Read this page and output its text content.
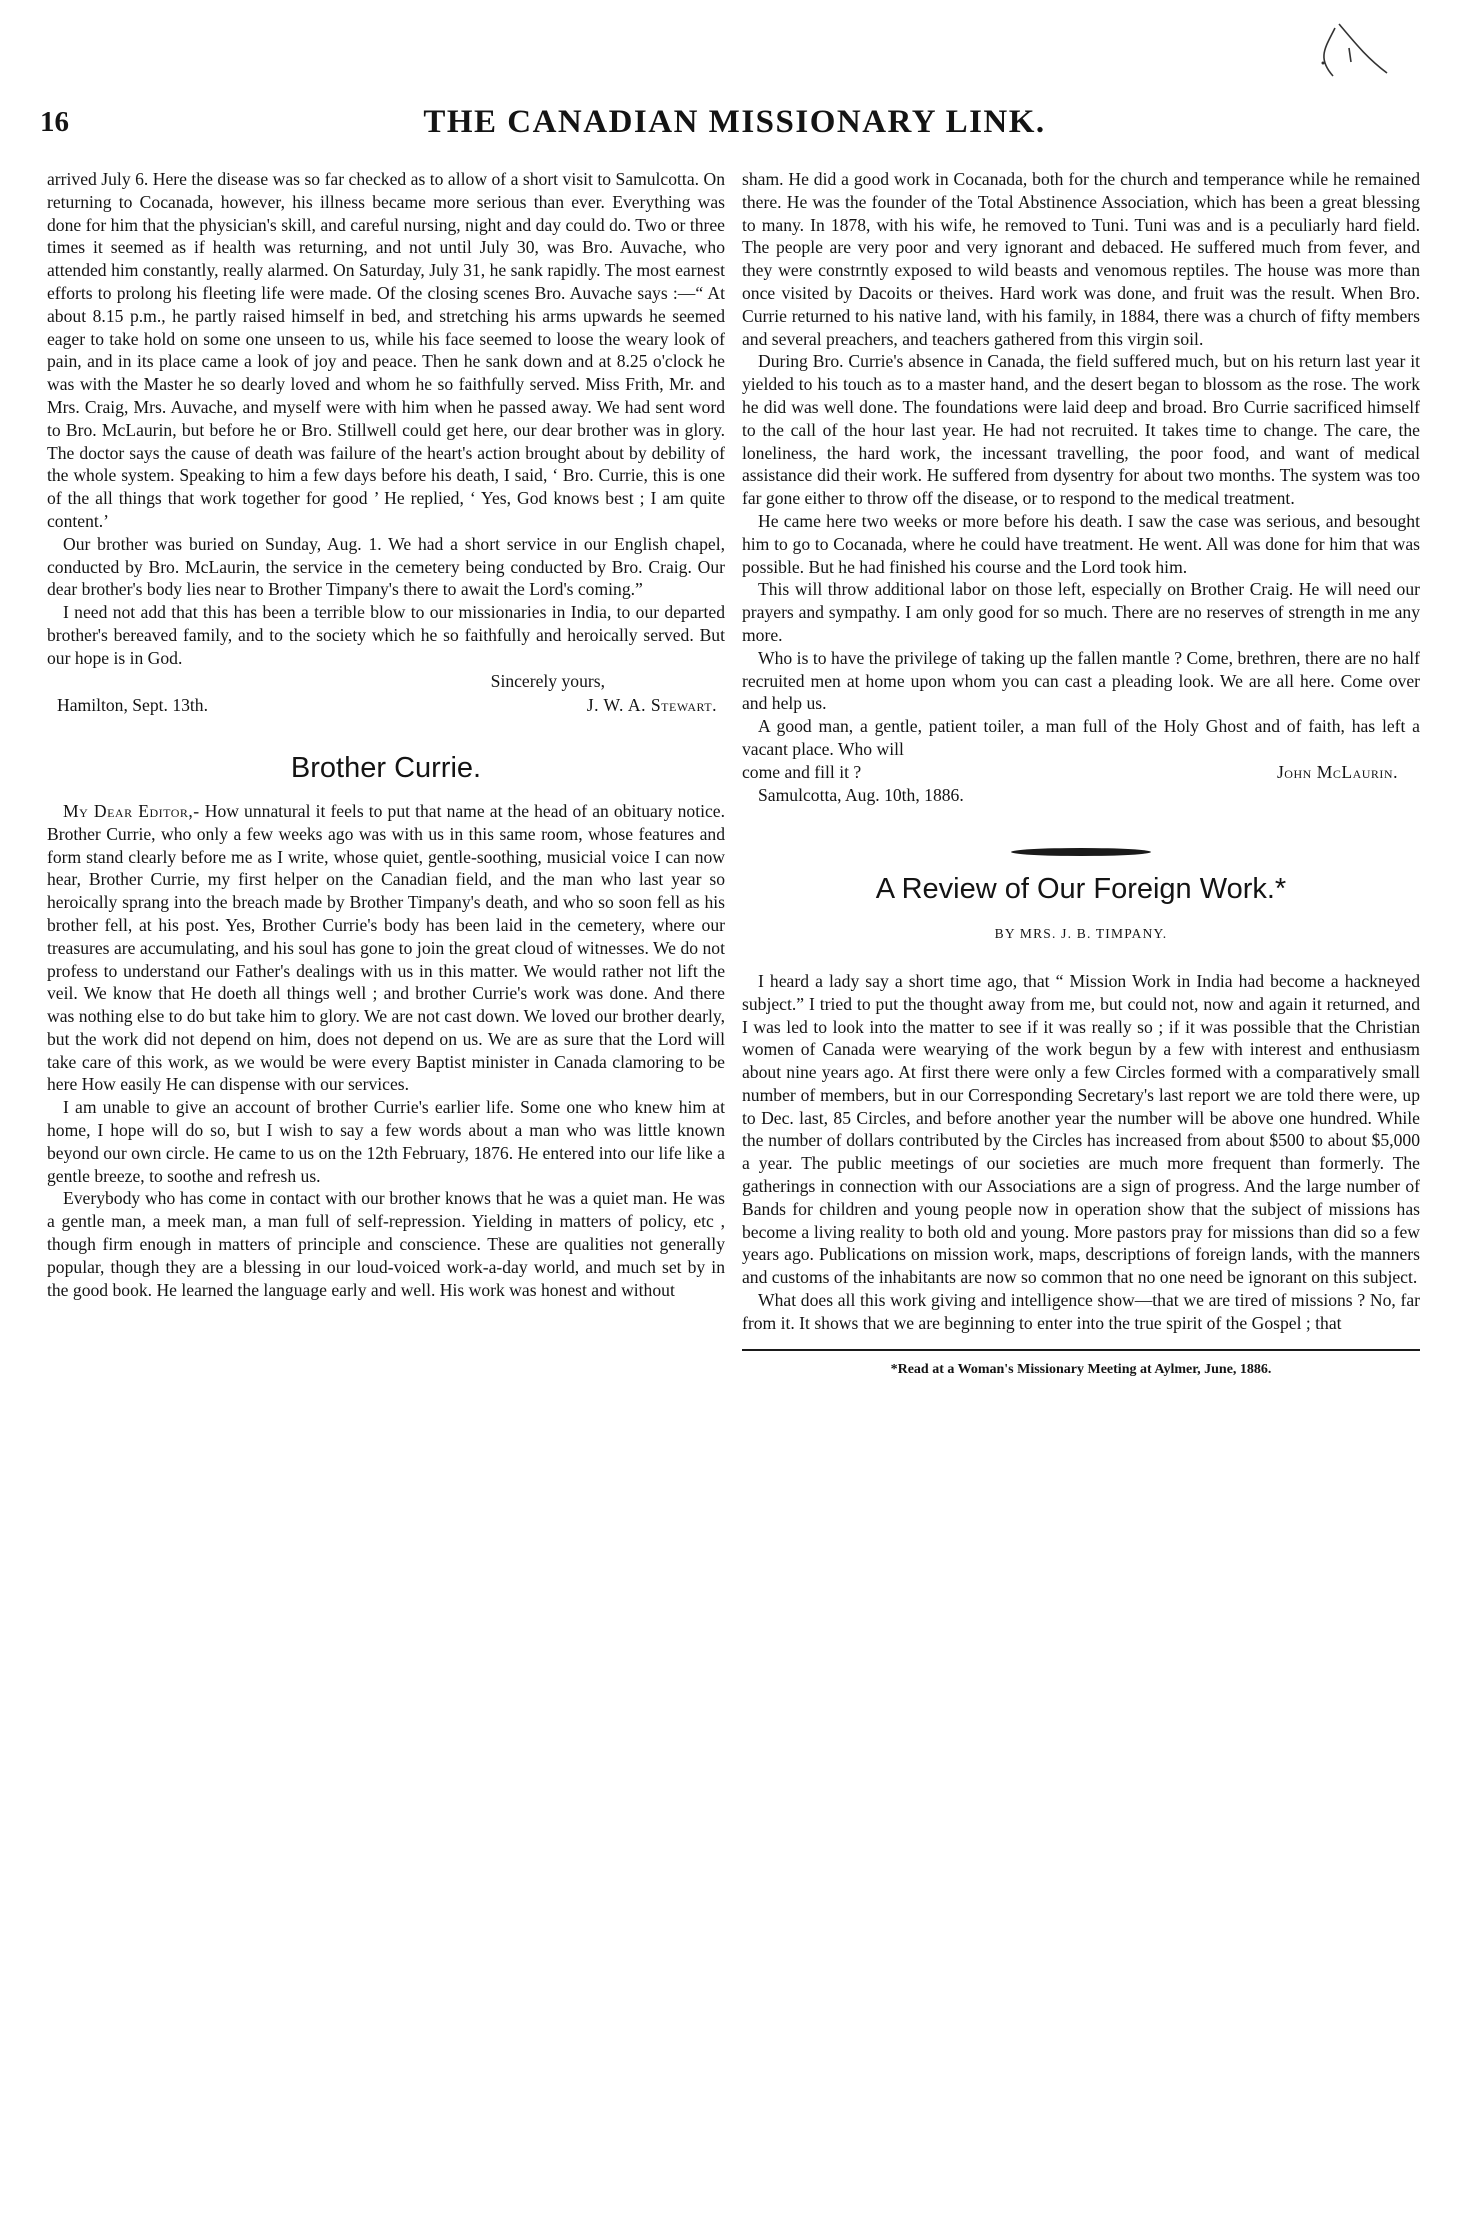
16	THE CANADIAN MISSIONARY LINK.

arrived July 6. Here the disease was so far checked as to allow of a short visit to Samulcotta. On returning to Cocanada, however, his illness became more serious than ever. Everything was done for him that the physician's skill, and careful nursing, night and day could do. Two or three times it seemed as if health was returning, and not until July 30, was Bro. Auvache, who attended him constantly, really alarmed. On Saturday, July 31, he sank rapidly. The most earnest efforts to prolong his fleeting life were made. Of the closing scenes Bro. Auvache says :—“ At about 8.15 p.m., he partly raised himself in bed, and stretching his arms upwards he seemed eager to take hold on some one unseen to us, while his face seemed to loose the weary look of pain, and in its place came a look of joy and peace. Then he sank down and at 8.25 o'clock he was with the Master he so dearly loved and whom he so faithfully served. Miss Frith, Mr. and Mrs. Craig, Mrs. Auvache, and myself were with him when he passed away. We had sent word to Bro. McLaurin, but before he or Bro. Stillwell could get here, our dear brother was in glory. The doctor says the cause of death was failure of the heart's action brought about by debility of the whole system. Speaking to him a few days before his death, I said, ‘ Bro. Currie, this is one of the all things that work together for good ’ He replied, ‘ Yes, God knows best ; I am quite content.’

Our brother was buried on Sunday, Aug. 1. We had a short service in our English chapel, conducted by Bro. McLaurin, the service in the cemetery being conducted by Bro. Craig. Our dear brother's body lies near to Brother Timpany's there to await the Lord's coming.”

I need not add that this has been a terrible blow to our missionaries in India, to our departed brother's bereaved family, and to the society which he so faithfully and heroically served. But our hope is in God.

Sincerely yours,

Hamilton, Sept. 13th.	J. W. A. Stewart.
Brother Currie.

My Dear Editor,- How unnatural it feels to put that name at the head of an obituary notice. Brother Currie, who only a few weeks ago was with us in this same room, whose features and form stand clearly before me as I write, whose quiet, gentle-soothing, musicial voice I can now hear, Brother Currie, my first helper on the Canadian field, and the man who last year so heroically sprang into the breach made by Brother Timpany's death, and who so soon fell as his brother fell, at his post. Yes, Brother Currie's body has been laid in the cemetery, where our treasures are accumulating, and his soul has gone to join the great cloud of witnesses. We do not profess to understand our Father's dealings with us in this matter. We would rather not lift the veil. We know that He doeth all things well ; and brother Currie's work was done. And there was nothing else to do but take him to glory. We are not cast down. We loved our brother dearly, but the work did not depend on him, does not depend on us. We are as sure that the Lord will take care of this work, as we would be were every Baptist minister in Canada clamoring to be here How easily He can dispense with our services.

I am unable to give an account of brother Currie's earlier life. Some one who knew him at home, I hope will do so, but I wish to say a few words about a man who was little known beyond our own circle. He came to us on the 12th February, 1876. He entered into our life like a gentle breeze, to soothe and refresh us.

Everybody who has come in contact with our brother knows that he was a quiet man. He was a gentle man, a meek man, a man full of self-repression. Yielding in matters of policy, etc , though firm enough in matters of principle and conscience. These are qualities not generally popular, though they are a blessing in our loud-voiced work-a-day world, and much set by in the good book. He learned the language early and well. His work was honest and without

sham. He did a good work in Cocanada, both for the church and temperance while he remained there. He was the founder of the Total Abstinence Association, which has been a great blessing to many. In 1878, with his wife, he removed to Tuni. Tuni was and is a peculiarly hard field. The people are very poor and very ignorant and debaced. He suffered much from fever, and they were constrntly exposed to wild beasts and venomous reptiles. The house was more than once visited by Dacoits or theives. Hard work was done, and fruit was the result. When Bro. Currie returned to his native land, with his family, in 1884, there was a church of fifty members and several preachers, and teachers gathered from this virgin soil.

During Bro. Currie's absence in Canada, the field suffered much, but on his return last year it yielded to his touch as to a master hand, and the desert began to blossom as the rose. The work he did was well done. The foundations were laid deep and broad. Bro Currie sacrificed himself to the call of the hour last year. He had not recruited. It takes time to change. The care, the loneliness, the hard work, the incessant travelling, the poor food, and want of medical assistance did their work. He suffered from dysentry for about two months. The system was too far gone either to throw off the disease, or to respond to the medical treatment.

He came here two weeks or more before his death. I saw the case was serious, and besought him to go to Cocanada, where he could have treatment. He went. All was done for him that was possible. But he had finished his course and the Lord took him.

This will throw additional labor on those left, especially on Brother Craig. He will need our prayers and sympathy. I am only good for so much. There are no reserves of strength in me any more.

Who is to have the privilege of taking up the fallen mantle ? Come, brethren, there are no half recruited men at home upon whom you can cast a pleading look. We are all here. Come over and help us.

A good man, a gentle, patient toiler, a man full of the Holy Ghost and of faith, has left a vacant place. Who will

come and fill it ?	John McLaurin.
Samulcotta, Aug. 10th, 1886.
A Review of Our Foreign Work.*
BY MRS. J. B. TIMPANY.

I heard a lady say a short time ago, that “ Mission Work in India had become a hackneyed subject.” I tried to put the thought away from me, but could not, now and again it returned, and I was led to look into the matter to see if it was really so ; if it was possible that the Christian women of Canada were wearying of the work begun by a few with interest and enthusiasm about nine years ago. At first there were only a few Circles formed with a comparatively small number of members, but in our Corresponding Secretary's last report we are told there were, up to Dec. last, 85 Circles, and before another year the number will be above one hundred. While the number of dollars contributed by the Circles has increased from about $500 to about $5,000 a year. The public meetings of our societies are much more frequent than formerly. The gatherings in connection with our Associations are a sign of progress. And the large number of Bands for children and young people now in operation show that the subject of missions has become a living reality to both old and young. More pastors pray for missions than did so a few years ago. Publications on mission work, maps, descriptions of foreign lands, with the manners and customs of the inhabitants are now so common that no one need be ignorant on this subject.

What does all this work giving and intelligence show—that we are tired of missions ? No, far from it. It shows that we are beginning to enter into the true spirit of the Gospel ; that

*Read at a Woman's Missionary Meeting at Aylmer, June, 1886.
